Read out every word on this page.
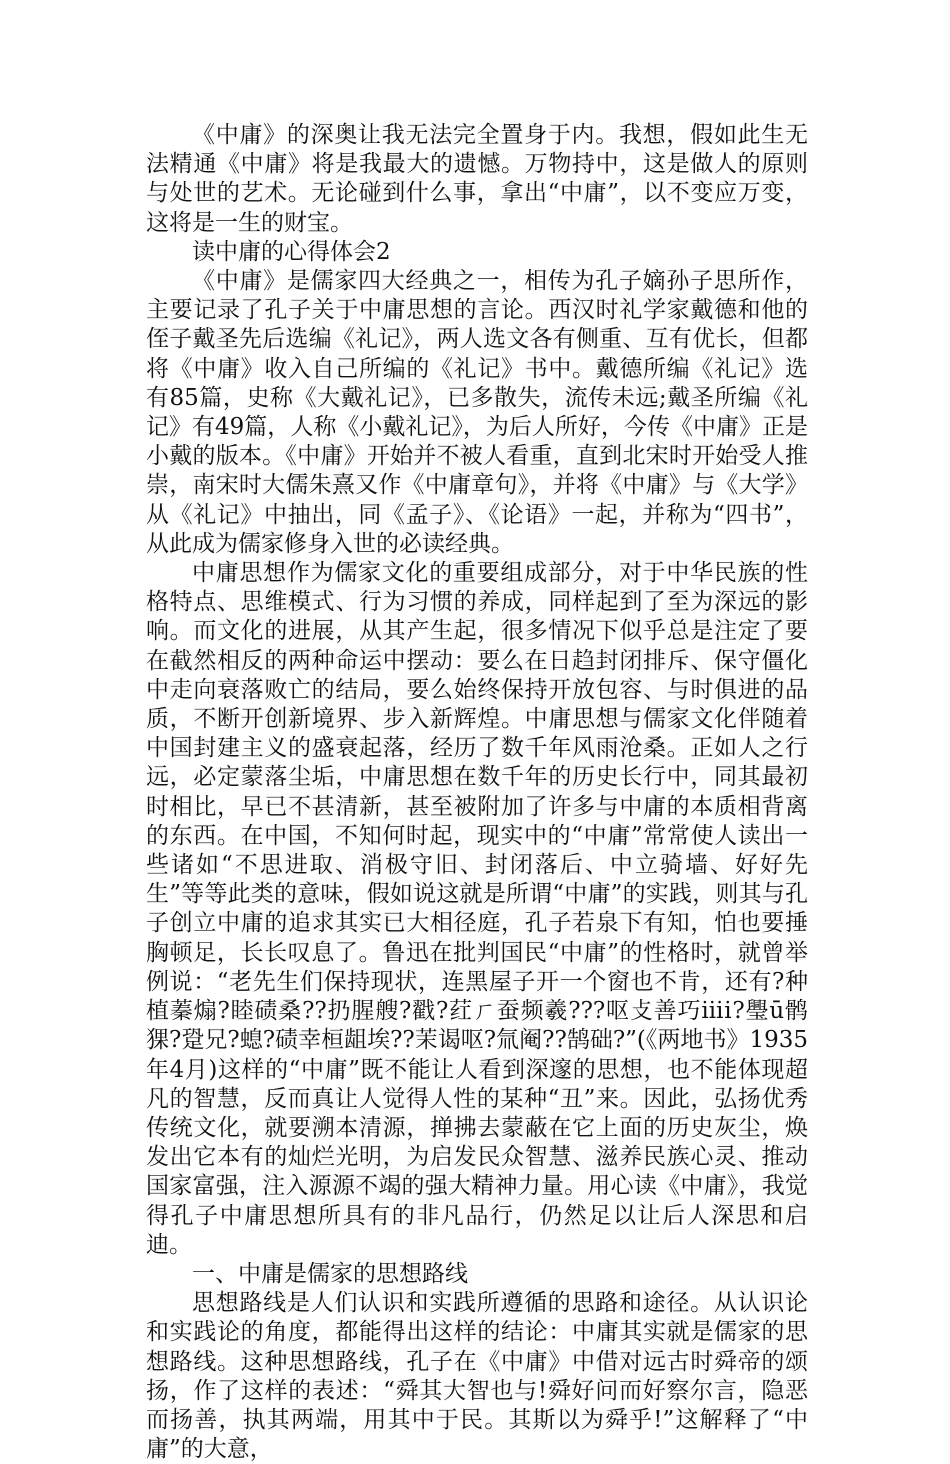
《中庸》的深奥让我无法完全置身于内。我想，假如此生无法精通《中庸》将是我最大的遗憾。万物持中，这是做人的原则与处世的艺术。无论碰到什么事，拿出“中庸”，以不变应万变，这将是一生的财宝。

读中庸的心得体会2

《中庸》是儒家四大经典之一，相传为孔子嫡孙子思所作，主要记录了孔子关于中庸思想的言论。西汉时礼学家戴德和他的侄子戴圣先后选编《礼记》，两人选文各有侧重、互有优长，但都将《中庸》收入自己所编的《礼记》书中。戴德所编《礼记》选有85篇，史称《大戴礼记》，已多散失，流传未远;戴圣所编《礼记》有49篇，人称《小戴礼记》，为后人所好，今传《中庸》正是小戴的版本。《中庸》开始并不被人看重，直到北宋时开始受人推崇，南宋时大儒朱熹又作《中庸章句》，并将《中庸》与《大学》从《礼记》中抽出，同《孟子》、《论语》一起，并称为“四书”，从此成为儒家修身入世的必读经典。

中庸思想作为儒家文化的重要组成部分，对于中华民族的性格特点、思维模式、行为习惯的养成，同样起到了至为深远的影响。而文化的进展，从其产生起，很多情况下似乎总是注定了要在截然相反的两种命运中摆动：要么在日趋封闭排斥、保守僵化中走向衰落败亡的结局，要么始终保持开放包容、与时俱进的品质，不断开创新境界、步入新辉煌。中庸思想与儒家文化伴随着中国封建主义的盛衰起落，经历了数千年风雨沧桑。正如人之行远，必定蒙落尘垢，中庸思想在数千年的历史长行中，同其最初时相比，早已不甚清新，甚至被附加了许多与中庸的本质相背离的东西。在中国，不知何时起，现实中的“中庸”常常使人读出一些诸如“不思进取、消极守旧、封闭落后、中立骑墙、好好先生”等等此类的意味，假如说这就是所谓“中庸”的实践，则其与孔子创立中庸的追求其实已大相径庭，孔子若泉下有知，怕也要捶胸顿足，长长叹息了。鲁迅在批判国民“中庸”的性格时，就曾举例说：“老先生们保持现状，连黑屋子开一个窗也不肯，还有?种植蓁煽?睦碛桑??扔腥艘?戳?荭ㄏ蚕频羲???呕攴善巧ⅲⅰ?璺ū鹘猓?跫兄?螅?碛幸桓龃埃??茉谒呕?氚阉??鹄础?”(《两地书》1935年4月)这样的“中庸”既不能让人看到深邃的思想，也不能体现超凡的智慧，反而真让人觉得人性的某种“丑”来。因此，弘扬优秀传统文化，就要溯本清源，掸拂去蒙蔽在它上面的历史灰尘，焕发出它本有的灿烂光明，为启发民众智慧、滋养民族心灵、推动国家富强，注入源源不竭的强大精神力量。用心读《中庸》，我觉得孔子中庸思想所具有的非凡品行，仍然足以让后人深思和启迪。

一、中庸是儒家的思想路线

思想路线是人们认识和实践所遵循的思路和途径。从认识论和实践论的角度，都能得出这样的结论：中庸其实就是儒家的思想路线。这种思想路线，孔子在《中庸》中借对远古时舜帝的颂扬，作了这样的表述：“舜其大智也与!舜好问而好察尔言，隐恶而扬善，执其两端，用其中于民。其斯以为舜乎!”这解释了“中庸”的大意，
